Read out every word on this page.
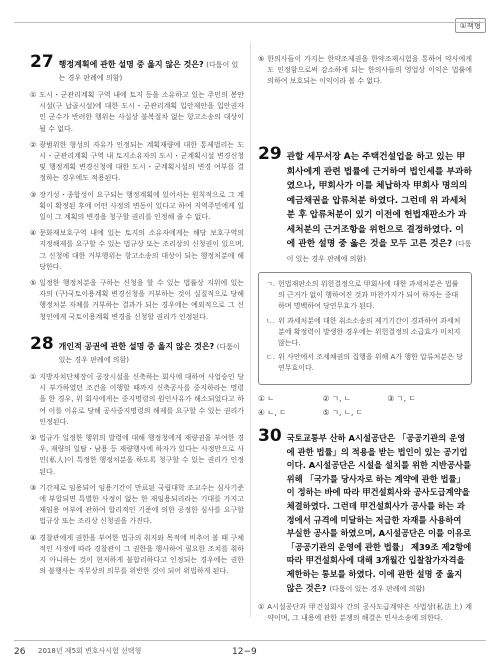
①책형
27 행정계획에 관한 설명 중 옳지 않은 것은? (다툼이 있는 경우 판례에 의함)
① 도시・군관리계획 구역 내에 토지 등을 소유하고 있는 주민의 봉안시설(구 납골시설)에 대한 도시・군관리계획 입안제안을 입안권자인 군수가 반려한 행위는 사실상 불복절차 없는 항고소송의 대상이 될 수 없다.
② 광범위한 형성의 자유가 인정되는 계획재량에 대한 통제법리는 도시・군관리계획 구역 내 토지소유자의 도시・군계획시설 변경신청 및 행정계획 변경신청에 대한 도시・군계획시설의 변경 여부를 결정하는 경우에도 적용된다.
③ 장기성・종합성이 요구되는 행정계획에 있어서는 원칙적으로 그 계획이 확정된 후에 어떤 사정의 변동이 있다고 하여 지역주민에게 일일이 그 계획의 변경을 청구할 권리를 인정해 줄 수 없다.
④ 문화재보호구역 내에 있는 토지의 소유자에게는 해당 보호구역의 지정해제를 요구할 수 있는 법규상 또는 조리상의 신청권이 있으며, 그 신청에 대한 거부행위는 항고소송의 대상이 되는 행정처분에 해당한다.
⑤ 일정한 행정처분을 구하는 신청을 할 수 있는 법률상 지위에 있는 자의 (구)국토이용계획 변경신청을 거부하는 것이 실질적으로 당해 행정처분 자체를 거부하는 결과가 되는 경우에는 예외적으로 그 신청인에게 국토이용계획 변경을 신청할 권리가 인정된다.
28 개인적 공권에 관한 설명 중 옳지 않은 것은? (다툼이 있는 경우 판례에 의함)
① 지방자치단체장이 공장시설을 신축하는 회사에 대하여 사업승인 당시 부가하였던 조건을 이행할 때까지 신축공사를 중지하라는 명령을 한 경우, 위 회사에게는 중지명령의 원인사유가 해소되었다고 하여 이를 이유로 당해 공사중지명령의 해제를 요구할 수 있는 권리가 인정된다.
② 법규가 일정한 행위의 발령에 대해 행정청에게 재량권을 부여한 경우, 재량의 일탈・남용 등 재량행사에 하자가 있다는 사정만으로 사인(私人)이 특정한 행정처분을 하도록 청구할 수 있는 권리가 인정된다.
③ 기간제로 임용되어 임용기간이 만료된 국립대학 조교수는 심사기준에 부합되면 특별한 사정이 없는 한 재임용되리라는 기대를 가지고 재임용 여부에 관하여 합리적인 기준에 의한 공정한 심사를 요구할 법규상 또는 조리상 신청권을 가진다.
④ 경찰관에게 권한을 부여한 법규의 취지와 목적에 비추어 볼 때 구체적인 사정에 따라 경찰관이 그 권한을 행사하여 필요한 조치를 취하지 아니하는 것이 현저하게 불합리하다고 인정되는 경우에는 권한의 불행사는 직무상의 의무를 위반한 것이 되어 위법하게 된다.
⑤ 한의사들이 가지는 한약조제권을 한약조제시험을 통하여 약사에게도 인정함으로써 감소하게 되는 한의사들의 영업상 이익은 법률에 의하여 보호되는 이익이라 볼 수 없다.
29 관할 세무서장 A는 주택건설업을 하고 있는 甲회사에게 관련 법률에 근거하여 법인세를 부과하였으나, 甲회사가 이를 체납하자 甲회사 명의의 예금채권을 압류처분 하였다. 그런데 위 과세처분 후 압류처분이 있기 이전에 헌법재판소가 과세처분의 근거조항을 위헌으로 결정하였다. 이에 관한 설명 중 옳은 것을 모두 고른 것은? (다툼이 있는 경우 판례에 의함)
ㄱ. 헌법재판소의 위헌결정으로 甲회사에 대한 과세처분은 법률의 근거가 없이 행하여진 것과 마찬가지가 되어 하자는 중대하며 명백하여 당연무효가 된다.
ㄴ. 위 과세처분에 대한 취소소송의 제기기간이 경과하여 과세처분에 확정력이 발생한 경우에는 위헌결정의 소급효가 미치지 않는다.
ㄷ. 위 사안에서 조세채권의 집행을 위해 A가 행한 압류처분은 당연무효이다.
① ㄴ	② ㄱ, ㄴ	③ ㄱ, ㄷ
④ ㄴ, ㄷ	⑤ ㄱ, ㄴ, ㄷ
30 국토교통부 산하 A시설공단은 「공공기관의 운영에 관한 법률」의 적용을 받는 법인이 있는 공기업이다. A시설공단은 시설을 설치를 위한 지반공사를 위해 「국가를 당사자로 하는 계약에 관한 법률」이 정하는 바에 따라 甲건설회사와 공사도급계약을 체결하였다. 그런데 甲건설회사가 공사를 하는 과정에서 규격에 미달하는 저급한 자재를 사용하여 부실한 공사를 하였으며, A시설공단은 이를 이유로 「공공기관의 운영에 관한 법률」 제39조 제2항에 따라 甲건설회사에 대해 3개월간 입찰참가자격을 제한하는 통보를 하였다. 이에 관한 설명 중 옳지 않은 것은? (다툼이 있는 경우 판례에 의함)
① A시설공단과 甲건설회사 간의 공사도급계약은 사법상(私法上) 계약이며, 그 내용에 관한 분쟁의 해결은 민사소송에 의한다.
26 2018년 제5회 변호사시험 선택형	12−9
